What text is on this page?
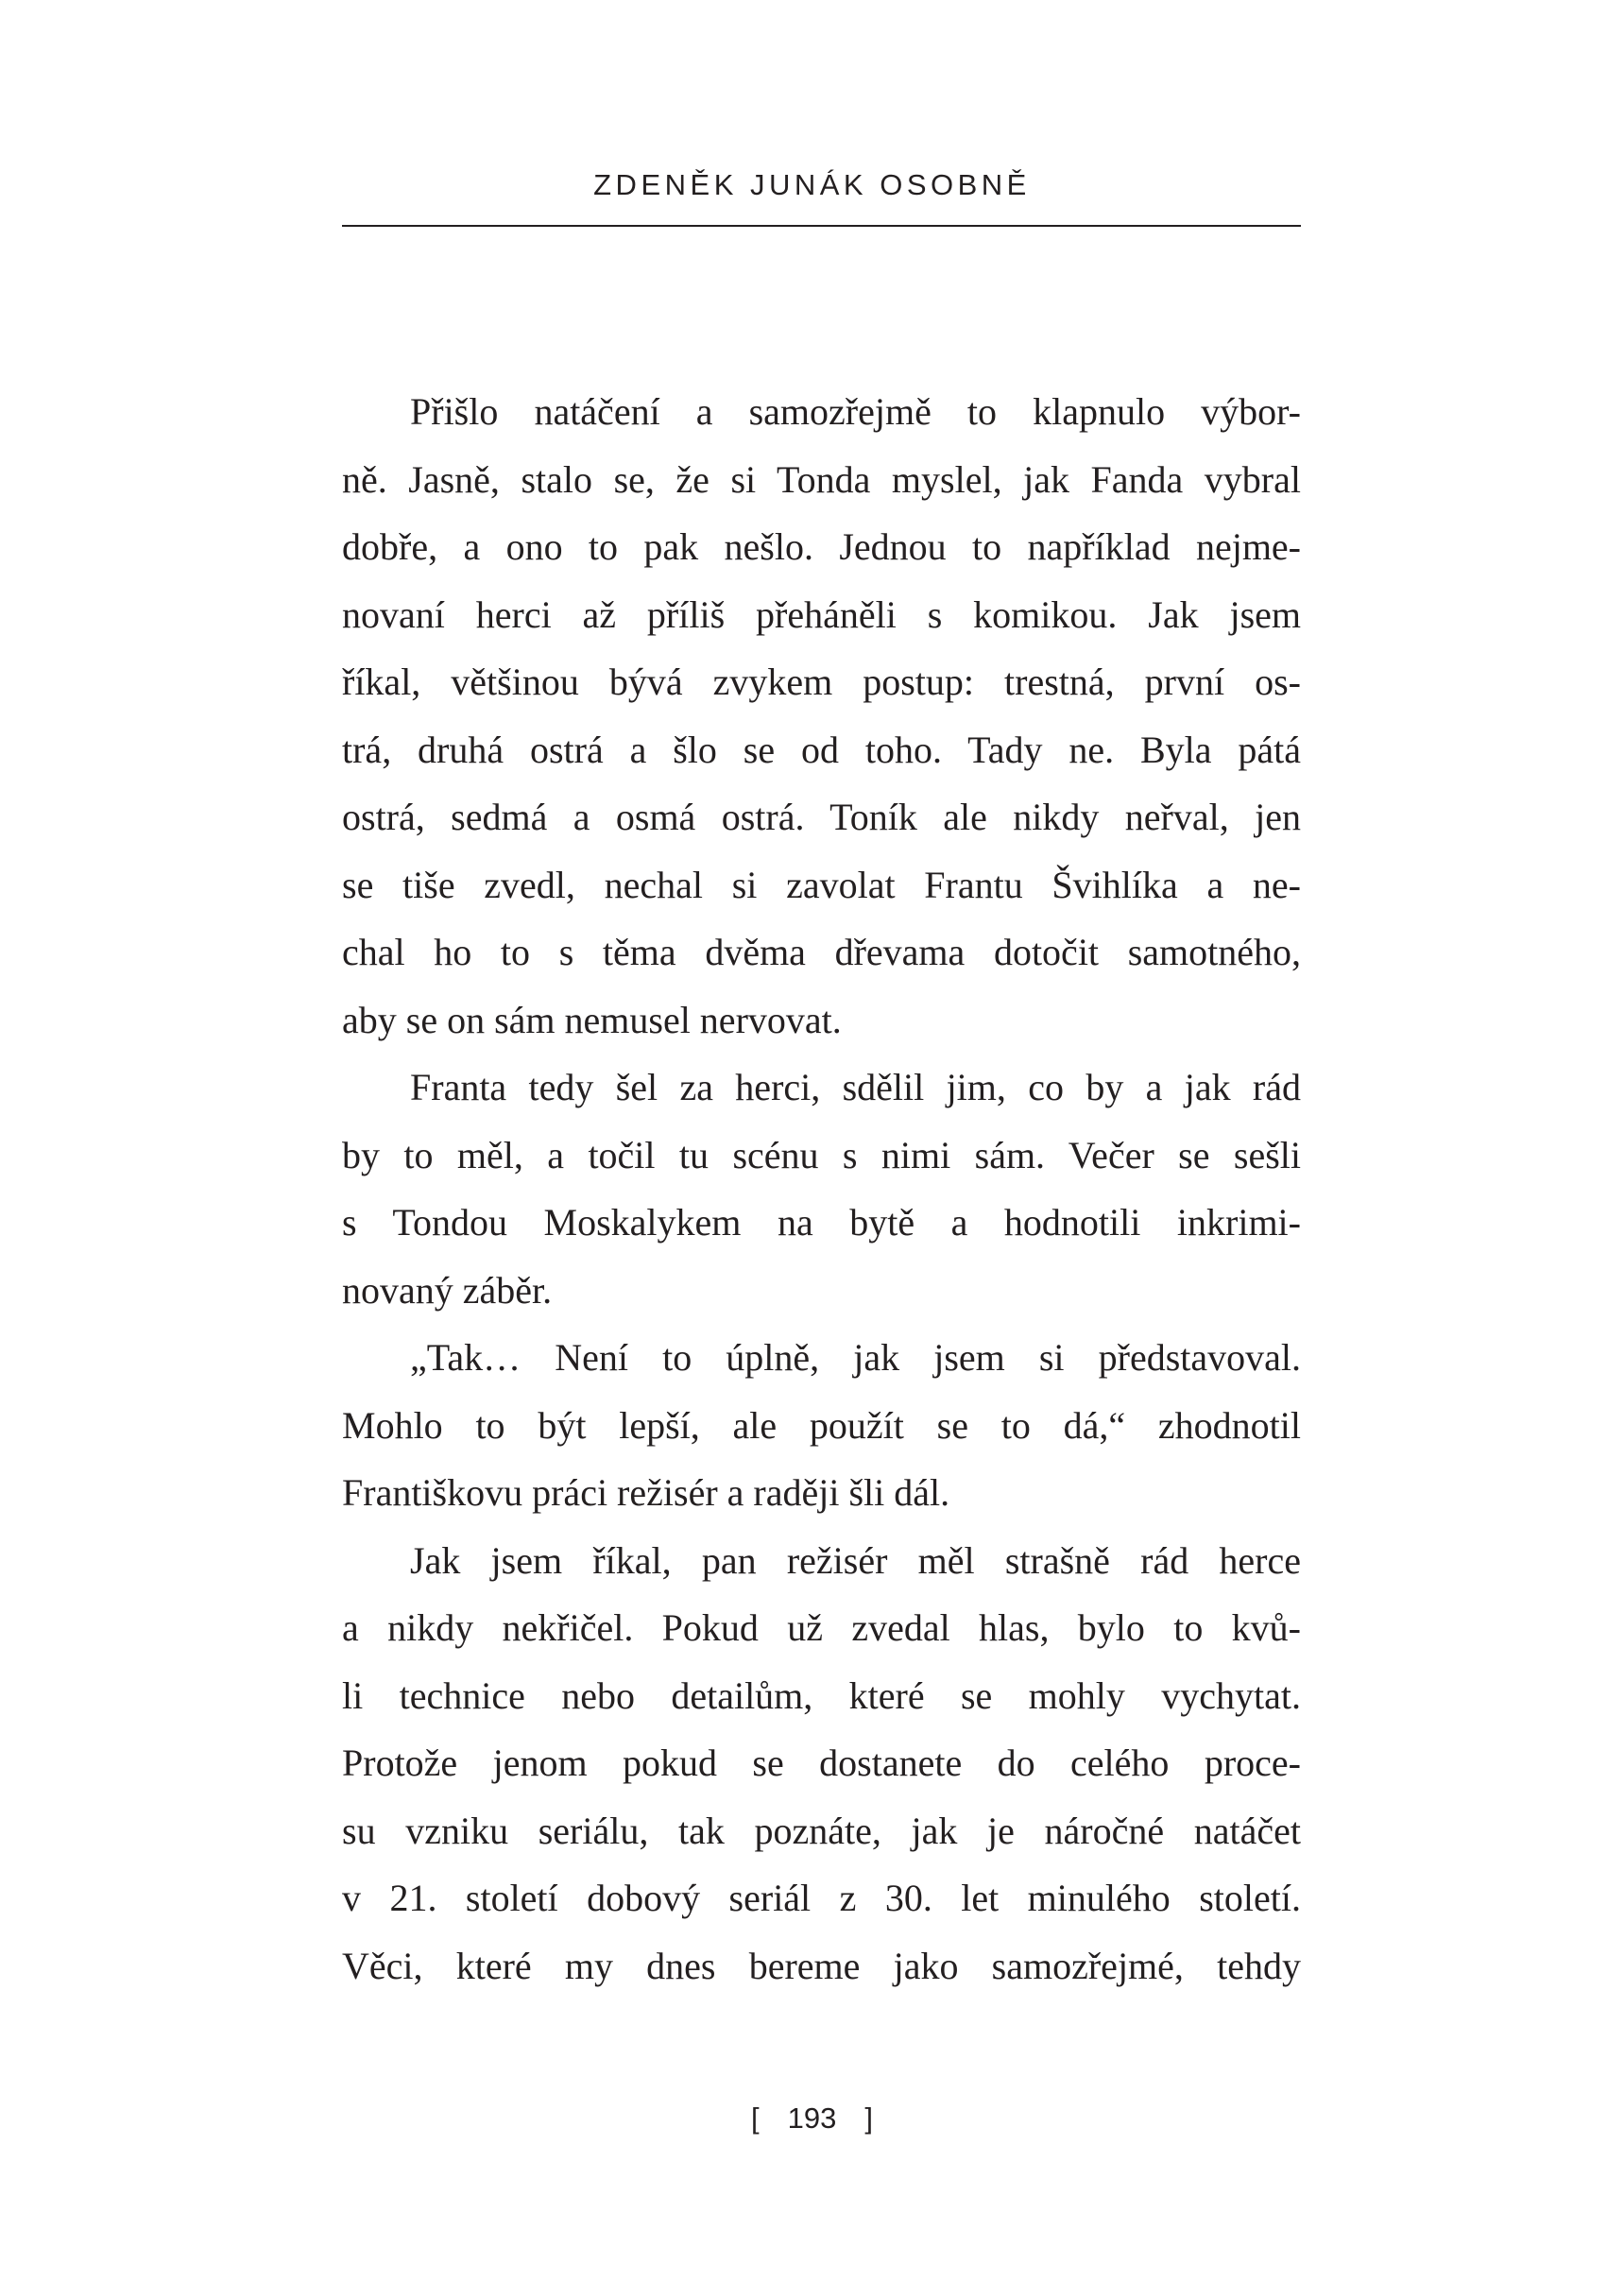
ZDENĚK JUNÁK OSOBNĚ
Přišlo natáčení a samozřejmě to klapnulo výbor-
ně. Jasně, stalo se, že si Tonda myslel, jak Fanda vybral
dobře, a ono to pak nešlo. Jednou to například nejme-
novaní herci až příliš přeháněli s komikou. Jak jsem
říkal, většinou bývá zvykem postup: trestná, první os-
trá, druhá ostrá a šlo se od toho. Tady ne. Byla pátá
ostrá, sedmá a osmá ostrá. Toník ale nikdy neřval, jen
se tiše zvedl, nechal si zavolat Frantu Švihlíka a ne-
chal ho to s těma dvěma dřevama dotočit samotného,
aby se on sám nemusel nervovat.
Franta tedy šel za herci, sdělil jim, co by a jak rád
by to měl, a točil tu scénu s nimi sám. Večer se sešli
s Tondou Moskalykem na bytě a hodnotili inkrimi-
novaný záběr.
„Tak… Není to úplně, jak jsem si představoval.
Mohlo to být lepší, ale použít se to dá,“ zhodnotil
Františkovu práci režisér a raději šli dál.
Jak jsem říkal, pan režisér měl strašně rád herce
a nikdy nekřičel. Pokud už zvedal hlas, bylo to kvů-
li technice nebo detailům, které se mohly vychytat.
Protože jenom pokud se dostanete do celého proce-
su vzniku seriálu, tak poznáte, jak je náročné natáčet
v 21. století dobový seriál z 30. let minulého století.
Věci, které my dnes bereme jako samozřejmé, tehdy
[ 193 ]
